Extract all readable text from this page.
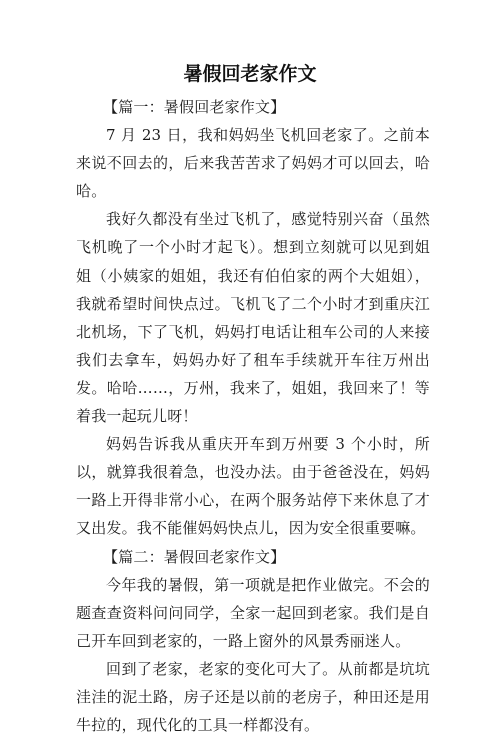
暑假回老家作文

【篇一：暑假回老家作文】

7 月 23 日，我和妈妈坐飞机回老家了。之前本来说不回去的，后来我苦苦求了妈妈才可以回去，哈哈。

我好久都没有坐过飞机了，感觉特别兴奋（虽然飞机晚了一个小时才起飞）。想到立刻就可以见到姐姐（小姨家的姐姐，我还有伯伯家的两个大姐姐），我就希望时间快点过。飞机飞了二个小时才到重庆江北机场，下了飞机，妈妈打电话让租车公司的人来接我们去拿车，妈妈办好了租车手续就开车往万州出发。哈哈……，万州，我来了，姐姐，我回来了！等着我一起玩儿呀！

妈妈告诉我从重庆开车到万州要 3 个小时，所以，就算我很着急，也没办法。由于爸爸没在，妈妈一路上开得非常小心，在两个服务站停下来休息了才又出发。我不能催妈妈快点儿，因为安全很重要嘛。

【篇二：暑假回老家作文】

今年我的暑假，第一项就是把作业做完。不会的题查查资料问问同学，全家一起回到老家。我们是自己开车回到老家的，一路上窗外的风景秀丽迷人。

回到了老家，老家的变化可大了。从前都是坑坑洼洼的泥土路，房子还是以前的老房子，种田还是用牛拉的，现代化的工具一样都没有。
